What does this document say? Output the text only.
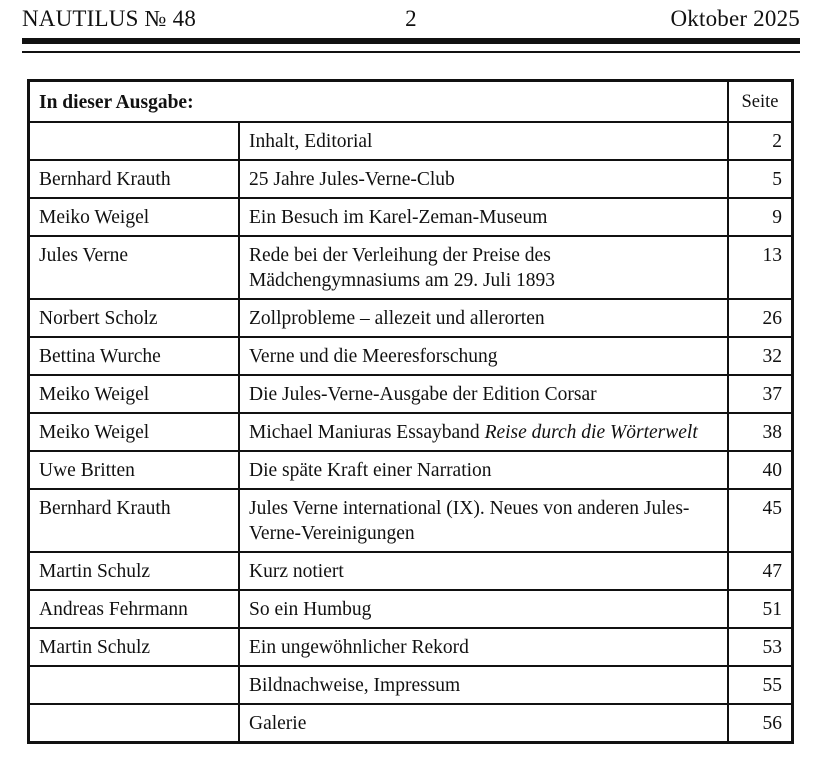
NAUTILUS № 48	2	Oktober 2025
In dieser Ausgabe:		Seite
	Inhalt, Editorial	2
Bernhard Krauth	25 Jahre Jules-Verne-Club	5
Meiko Weigel	Ein Besuch im Karel-Zeman-Museum	9
Jules Verne	Rede bei der Verleihung der Preise des Mädchengymnasiums am 29. Juli 1893	13
Norbert Scholz	Zollprobleme – allezeit und allerorten	26
Bettina Wurche	Verne und die Meeresforschung	32
Meiko Weigel	Die Jules-Verne-Ausgabe der Edition Corsar	37
Meiko Weigel	Michael Maniuras Essayband Reise durch die Wörterwelt	38
Uwe Britten	Die späte Kraft einer Narration	40
Bernhard Krauth	Jules Verne international (IX). Neues von anderen Jules-Verne-Vereinigungen	45
Martin Schulz	Kurz notiert	47
Andreas Fehrmann	So ein Humbug	51
Martin Schulz	Ein ungewöhnlicher Rekord	53
	Bildnachweise, Impressum	55
	Galerie	56
